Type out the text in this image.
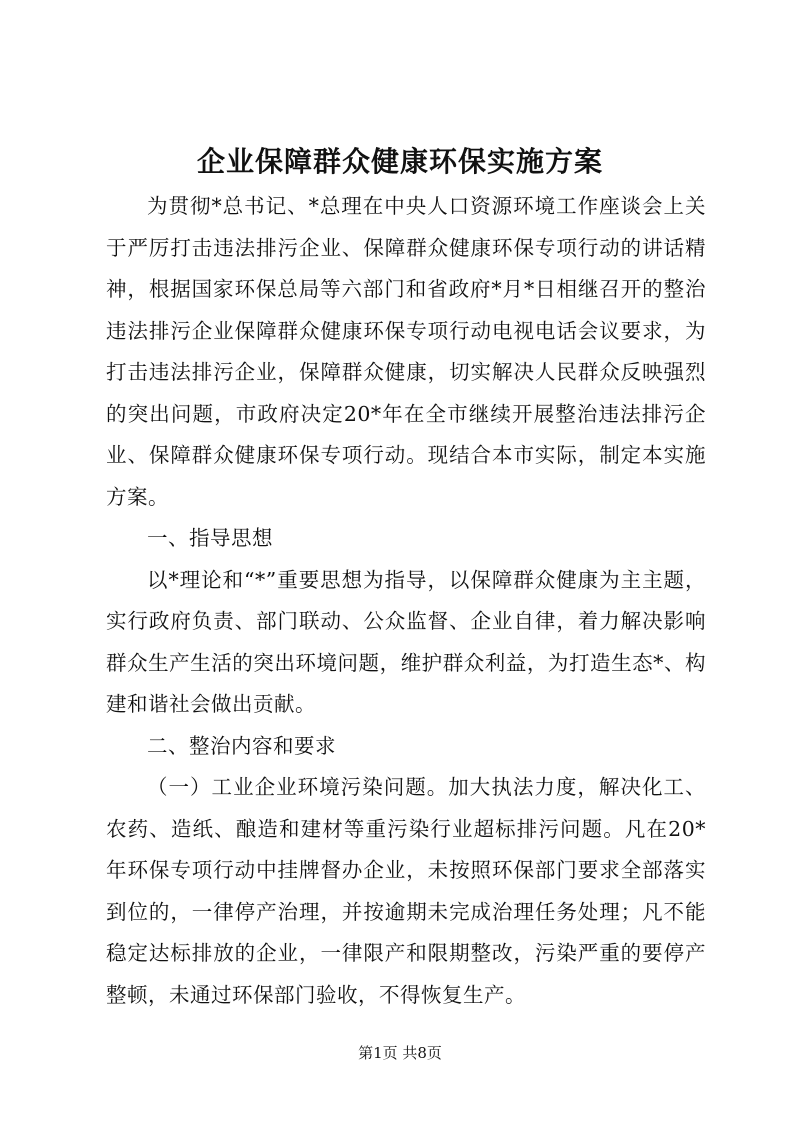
企业保障群众健康环保实施方案

为贯彻*总书记、*总理在中央人口资源环境工作座谈会上关于严厉打击违法排污企业、保障群众健康环保专项行动的讲话精神，根据国家环保总局等六部门和省政府*月*日相继召开的整治违法排污企业保障群众健康环保专项行动电视电话会议要求，为打击违法排污企业，保障群众健康，切实解决人民群众反映强烈的突出问题，市政府决定20*年在全市继续开展整治违法排污企业、保障群众健康环保专项行动。现结合本市实际，制定本实施方案。

一、指导思想

以*理论和“*”重要思想为指导，以保障群众健康为主主题，实行政府负责、部门联动、公众监督、企业自律，着力解决影响群众生产生活的突出环境问题，维护群众利益，为打造生态*、构建和谐社会做出贡献。

二、整治内容和要求

（一）工业企业环境污染问题。加大执法力度，解决化工、农药、造纸、酿造和建材等重污染行业超标排污问题。凡在20*年环保专项行动中挂牌督办企业，未按照环保部门要求全部落实到位的，一律停产治理，并按逾期未完成治理任务处理；凡不能稳定达标排放的企业，一律限产和限期整改，污染严重的要停产整顿，未通过环保部门验收，不得恢复生产。

第1页 共8页
